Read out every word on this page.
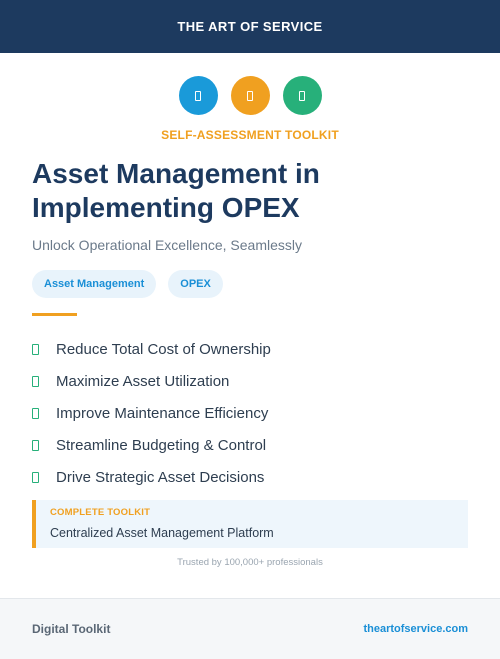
THE ART OF SERVICE
SELF-ASSESSMENT TOOLKIT
Asset Management in
Implementing OPEX
Unlock Operational Excellence, Seamlessly
Asset Management	OPEX
Reduce Total Cost of Ownership
Maximize Asset Utilization
Improve Maintenance Efficiency
Streamline Budgeting & Control
Drive Strategic Asset Decisions
COMPLETE TOOLKIT
Centralized Asset Management Platform
Trusted by 100,000+ professionals
Digital Toolkit	theartofservice.com
